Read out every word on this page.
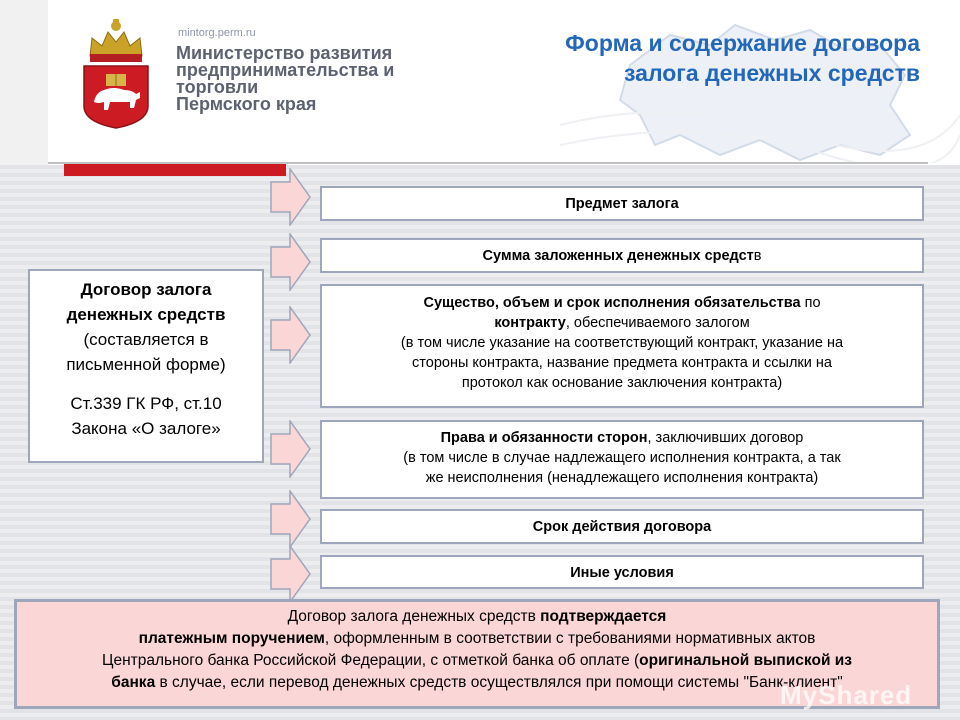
mintorg.perm.ru
Министерство развития
предпринимательства и
торговли
Пермского края
Форма и содержание договора
залога денежных средств
Договор залога
денежных средств
(составляется в
письменной форме)
Ст.339 ГК РФ, ст.10
Закона «О залоге»
Предмет залога
Сумма заложенных денежных средств
Существо, объем и срок исполнения обязательства по
контракту, обеспечиваемого залогом
(в том числе указание на соответствующий контракт, указание на
стороны контракта, название предмета контракта и ссылки на
протокол как основание заключения контракта)
Права и обязанности сторон, заключивших договор
(в том числе в случае надлежащего исполнения контракта, а так
же неисполнения (ненадлежащего исполнения контракта)
Срок действия договора
Иные условия
Договор залога денежных средств подтверждается
платежным поручением, оформленным в соответствии с требованиями нормативных актов
Центрального банка Российской Федерации, с отметкой банка об оплате (оригинальной выпиской из
банка в случае, если перевод денежных средств осуществлялся при помощи системы "Банк-клиент"
MyShared
